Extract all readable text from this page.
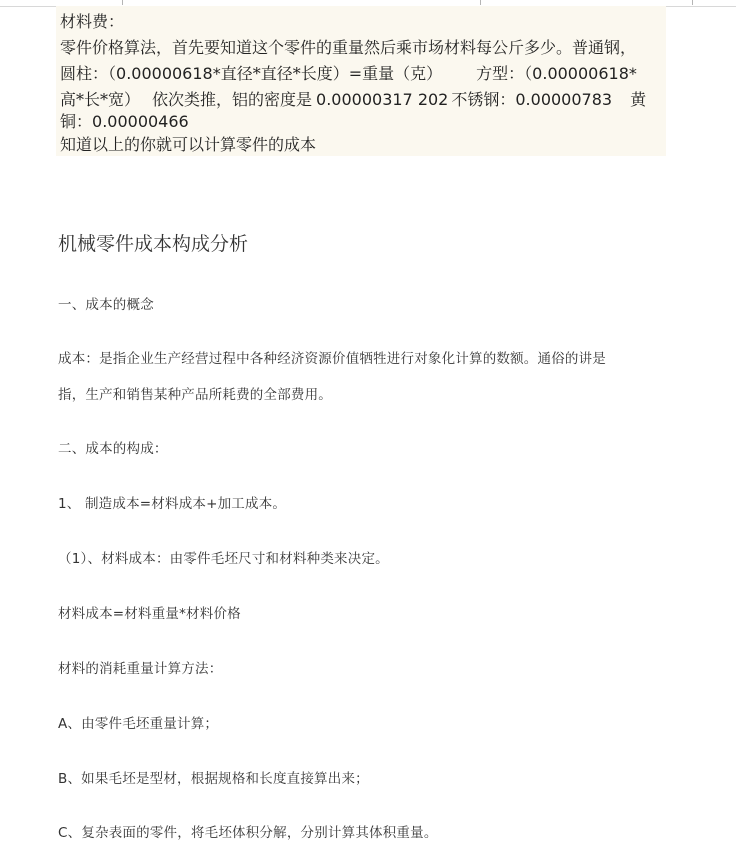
材料费：
零件价格算法，首先要知道这个零件的重量然后乘市场材料每公斤多少。普通钢，
圆柱：（0.00000618*直径*直径*长度）=重量（克） 方型：（0.00000618*
高*长*宽） 依次类推，铝的密度是 0.00000317 202 不锈钢：0.00000783 黄
铜：0.00000466
知道以上的你就可以计算零件的成本
机械零件成本构成分析
一、成本的概念
成本：是指企业生产经营过程中各种经济资源价值牺牲进行对象化计算的数额。通俗的讲是
指，生产和销售某种产品所耗费的全部费用。
二、成本的构成：
1、 制造成本=材料成本+加工成本。
（1）、材料成本：由零件毛坯尺寸和材料种类来决定。
材料成本=材料重量*材料价格
材料的消耗重量计算方法：
A、由零件毛坯重量计算；
B、如果毛坯是型材，根据规格和长度直接算出来；
C、复杂表面的零件，将毛坯体积分解，分别计算其体积重量。
